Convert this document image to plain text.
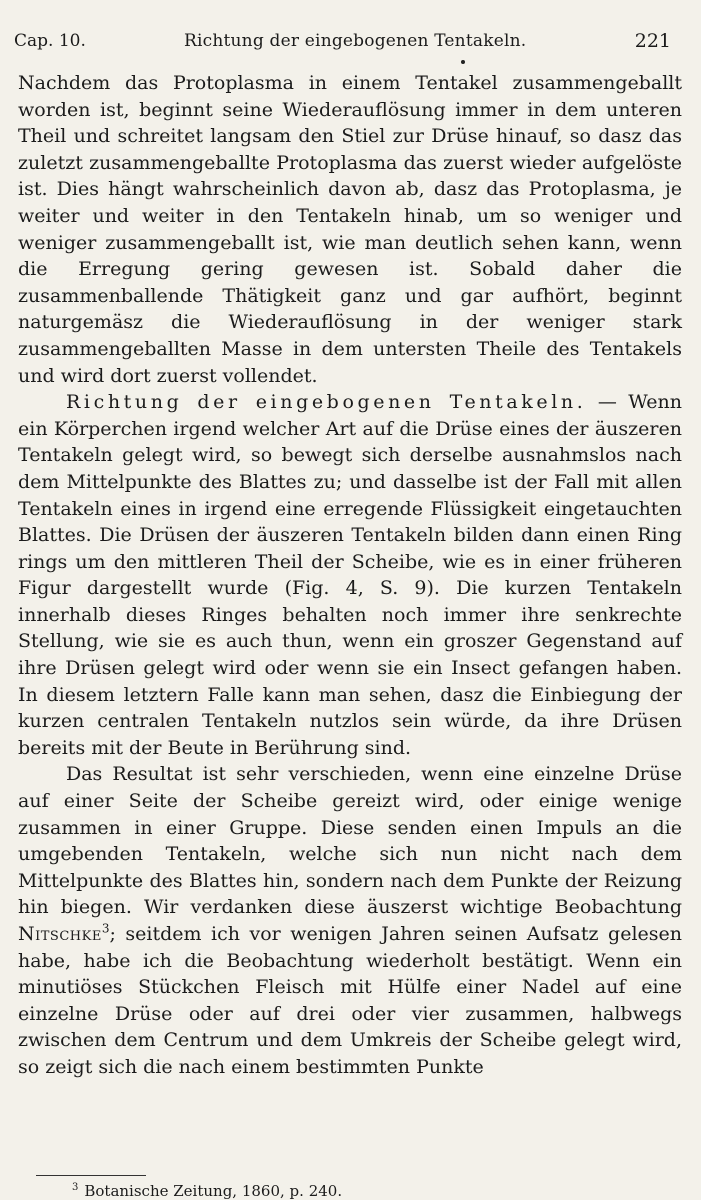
Cap. 10.	Richtung der eingebogenen Tentakeln.	221

Nachdem das Protoplasma in einem Tentakel zusammengeballt worden ist, beginnt seine Wiederauflösung immer in dem unteren Theil und schreitet langsam den Stiel zur Drüse hinauf, so dasz das zuletzt zusammengeballte Protoplasma das zuerst wieder aufgelöste ist. Dies hängt wahrscheinlich davon ab, dasz das Protoplasma, je weiter und weiter in den Tentakeln hinab, um so weniger und weniger zusammengeballt ist, wie man deutlich sehen kann, wenn die Erregung gering gewesen ist. Sobald daher die zusammenballende Thätigkeit ganz und gar aufhört, beginnt naturgemäsz die Wiederauflösung in der weniger stark zusammengeballten Masse in dem untersten Theile des Tentakels und wird dort zuerst vollendet.

Richtung der eingebogenen Tentakeln. — Wenn ein Körperchen irgend welcher Art auf die Drüse eines der äuszeren Tentakeln gelegt wird, so bewegt sich derselbe ausnahmslos nach dem Mittelpunkte des Blattes zu; und dasselbe ist der Fall mit allen Tentakeln eines in irgend eine erregende Flüssigkeit eingetauchten Blattes. Die Drüsen der äuszeren Tentakeln bilden dann einen Ring rings um den mittleren Theil der Scheibe, wie es in einer früheren Figur dargestellt wurde (Fig. 4, S. 9). Die kurzen Tentakeln innerhalb dieses Ringes behalten noch immer ihre senkrechte Stellung, wie sie es auch thun, wenn ein groszer Gegenstand auf ihre Drüsen gelegt wird oder wenn sie ein Insect gefangen haben. In diesem letztern Falle kann man sehen, dasz die Einbiegung der kurzen centralen Tentakeln nutzlos sein würde, da ihre Drüsen bereits mit der Beute in Berührung sind.

Das Resultat ist sehr verschieden, wenn eine einzelne Drüse auf einer Seite der Scheibe gereizt wird, oder einige wenige zusammen in einer Gruppe. Diese senden einen Impuls an die umgebenden Tentakeln, welche sich nun nicht nach dem Mittelpunkte des Blattes hin, sondern nach dem Punkte der Reizung hin biegen. Wir verdanken diese äuszerst wichtige Beobachtung Nitschke$^3$; seitdem ich vor wenigen Jahren seinen Aufsatz gelesen habe, habe ich die Beobachtung wiederholt bestätigt. Wenn ein minutiöses Stückchen Fleisch mit Hülfe einer Nadel auf eine einzelne Drüse oder auf drei oder vier zusammen, halbwegs zwischen dem Centrum und dem Umkreis der Scheibe gelegt wird, so zeigt sich die nach einem bestimmten Punkte

$^3$ Botanische Zeitung, 1860, p. 240.
